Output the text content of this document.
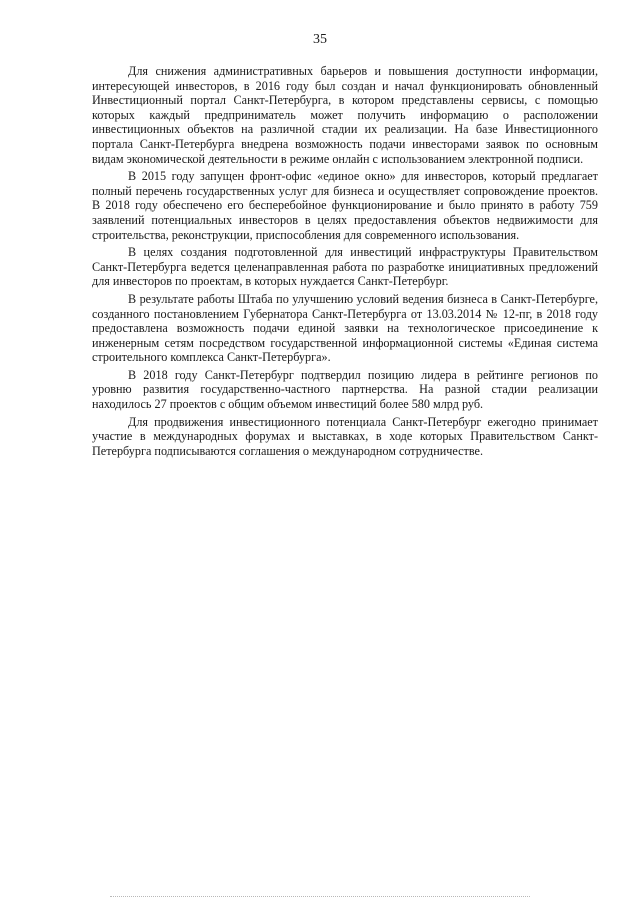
35

Для снижения административных барьеров и повышения доступности информации, интересующей инвесторов, в 2016 году был создан и начал функционировать обновленный Инвестиционный портал Санкт-Петербурга, в котором представлены сервисы, с помощью которых каждый предприниматель может получить информацию о расположении инвестиционных объектов на различной стадии их реализации. На базе Инвестиционного портала Санкт-Петербурга внедрена возможность подачи инвесторами заявок по основным видам экономической деятельности в режиме онлайн с использованием электронной подписи.

В 2015 году запущен фронт-офис «единое окно» для инвесторов, который предлагает полный перечень государственных услуг для бизнеса и осуществляет сопровождение проектов. В 2018 году обеспечено его бесперебойное функционирование и было принято в работу 759 заявлений потенциальных инвесторов в целях предоставления объектов недвижимости для строительства, реконструкции, приспособления для современного использования.

В целях создания подготовленной для инвестиций инфраструктуры Правительством Санкт-Петербурга ведется целенаправленная работа по разработке инициативных предложений для инвесторов по проектам, в которых нуждается Санкт-Петербург.

В результате работы Штаба по улучшению условий ведения бизнеса в Санкт-Петербурге, созданного постановлением Губернатора Санкт-Петербурга от 13.03.2014 № 12-пг, в 2018 году предоставлена возможность подачи единой заявки на технологическое присоединение к инженерным сетям посредством государственной информационной системы «Единая система строительного комплекса Санкт-Петербурга».

В 2018 году Санкт-Петербург подтвердил позицию лидера в рейтинге регионов по уровню развития государственно-частного партнерства. На разной стадии реализации находилось 27 проектов с общим объемом инвестиций более 580 млрд руб.

Для продвижения инвестиционного потенциала Санкт-Петербург ежегодно принимает участие в международных форумах и выставках, в ходе которых Правительством Санкт-Петербурга подписываются соглашения о международном сотрудничестве.
